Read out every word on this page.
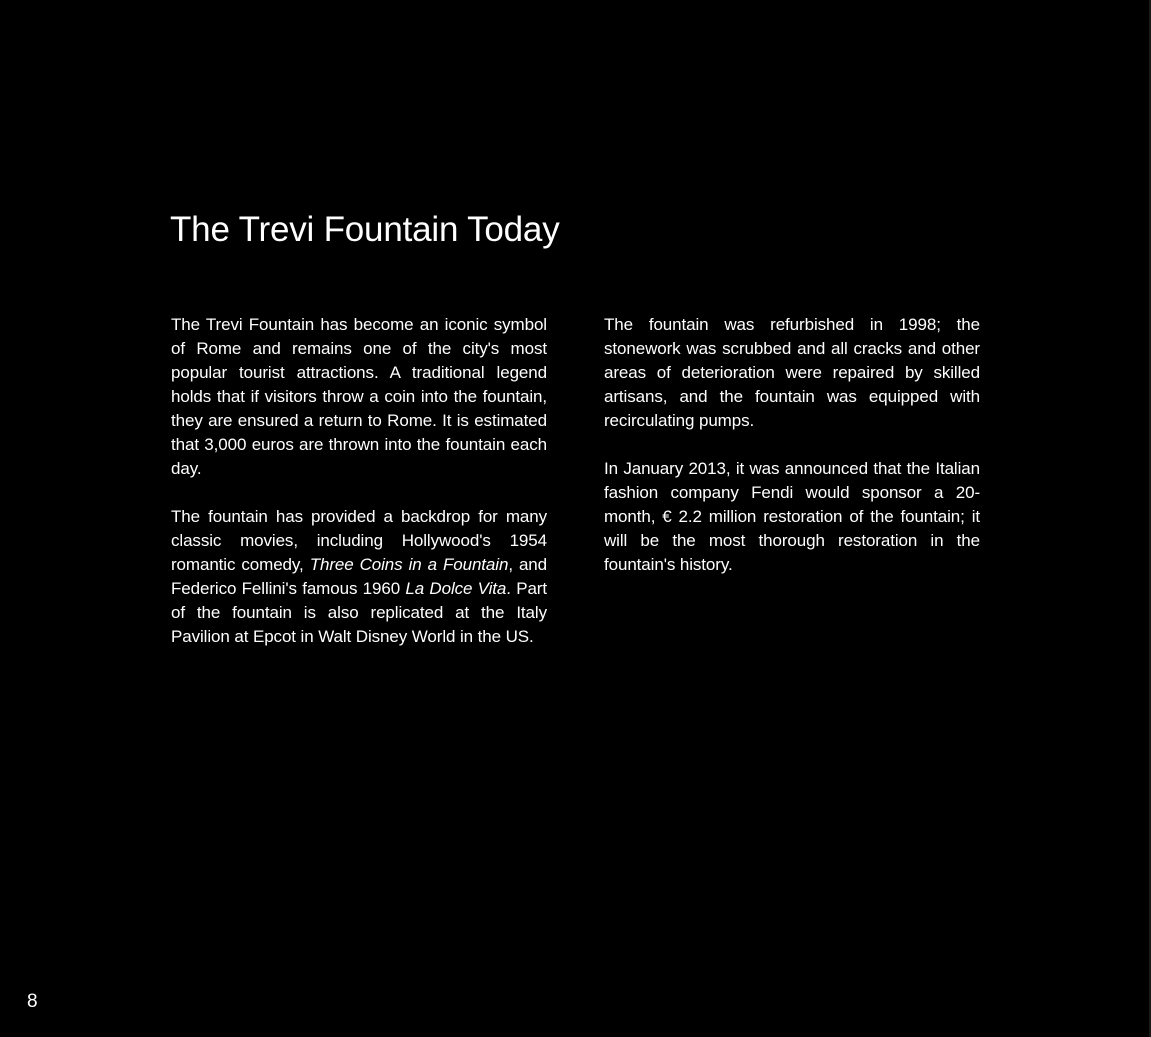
The Trevi Fountain Today

The Trevi Fountain has become an iconic symbol of Rome and remains one of the city's most popular tourist attractions. A traditional legend holds that if visitors throw a coin into the fountain, they are ensured a return to Rome. It is estimated that 3,000 euros are thrown into the fountain each day.

The fountain has provided a backdrop for many classic movies, including Hollywood's 1954 romantic comedy, Three Coins in a Fountain, and Federico Fellini's famous 1960 La Dolce Vita. Part of the fountain is also replicated at the Italy Pavilion at Epcot in Walt Disney World in the US.

The fountain was refurbished in 1998; the stonework was scrubbed and all cracks and other areas of deterioration were repaired by skilled artisans, and the fountain was equipped with recirculating pumps.

In January 2013, it was announced that the Italian fashion company Fendi would sponsor a 20-month, € 2.2 million restoration of the fountain; it will be the most thorough restoration in the fountain's history.

8
